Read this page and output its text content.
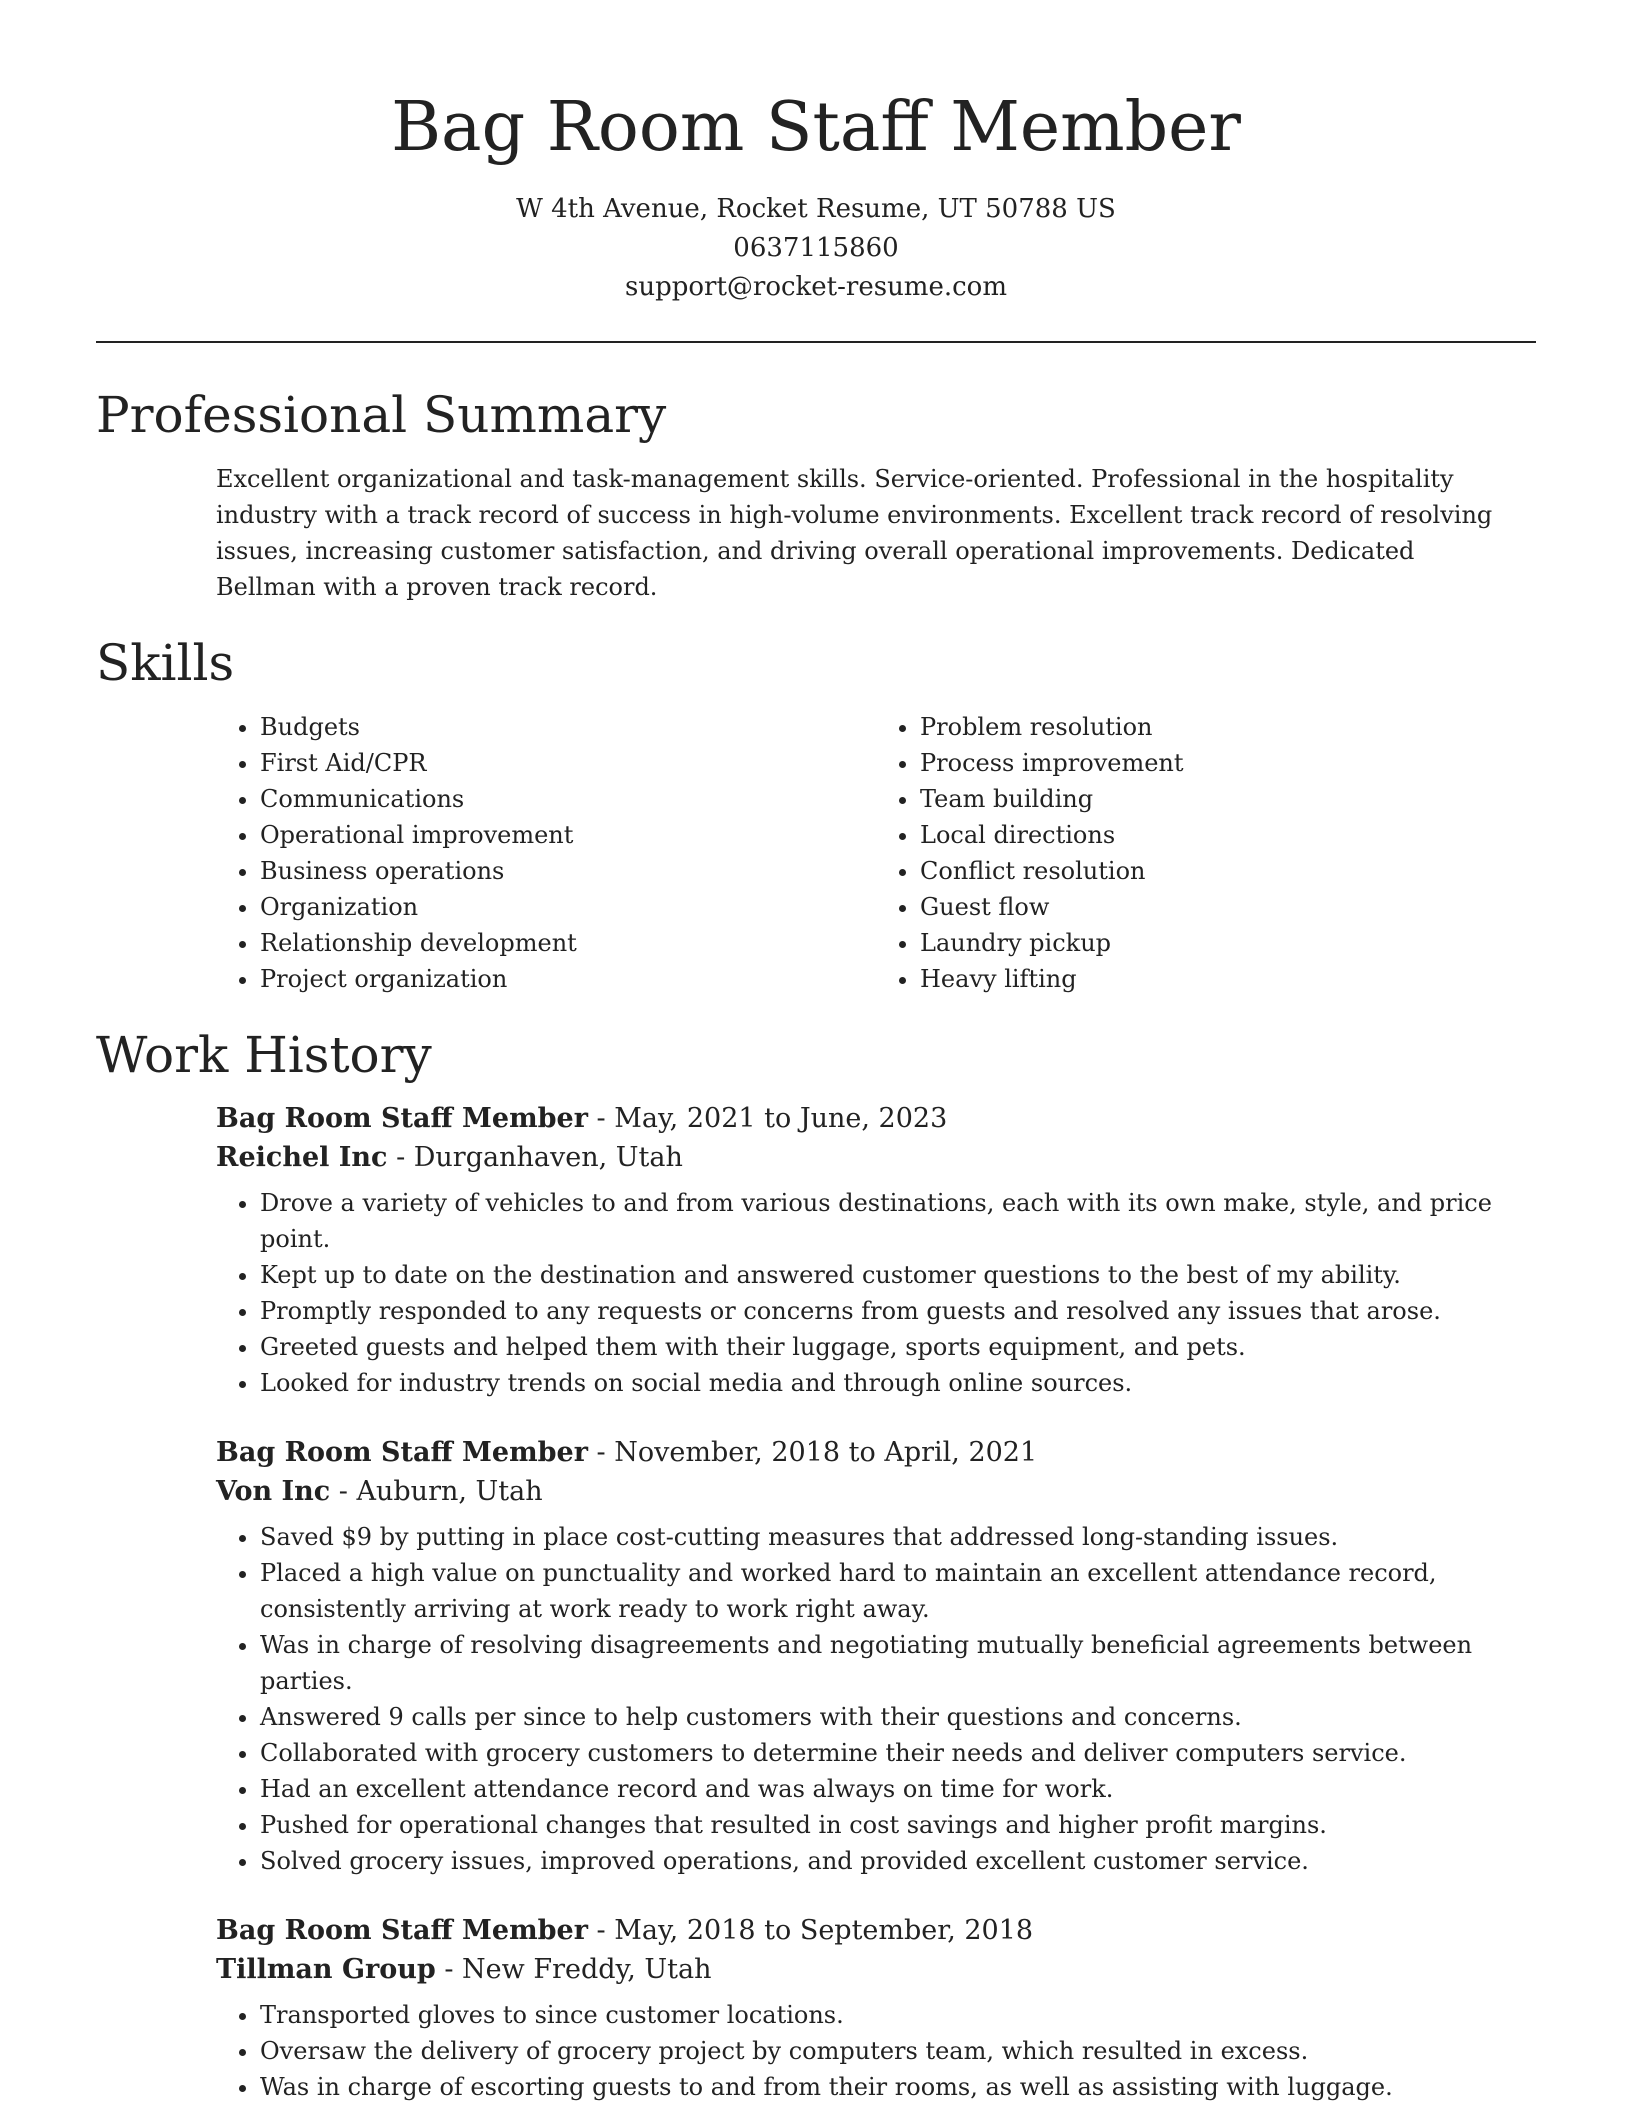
Bag Room Staff Member

W 4th Avenue, Rocket Resume, UT 50788 US

0637115860

support@rocket-resume.com

Professional Summary

Excellent organizational and task-management skills. Service-oriented. Professional in the hospitality industry with a track record of success in high-volume environments. Excellent track record of resolving issues, increasing customer satisfaction, and driving overall operational improvements. Dedicated Bellman with a proven track record.

Skills
• Budgets
• First Aid/CPR
• Communications
• Operational improvement
• Business operations
• Organization
• Relationship development
• Project organization
• Problem resolution
• Process improvement
• Team building
• Local directions
• Conflict resolution
• Guest flow
• Laundry pickup
• Heavy lifting
Work History

Bag Room Staff Member - May, 2021 to June, 2023

Reichel Inc - Durganhaven, Utah

• Drove a variety of vehicles to and from various destinations, each with its own make, style, and price point.
• Kept up to date on the destination and answered customer questions to the best of my ability.
• Promptly responded to any requests or concerns from guests and resolved any issues that arose.
• Greeted guests and helped them with their luggage, sports equipment, and pets.
• Looked for industry trends on social media and through online sources.

Bag Room Staff Member - November, 2018 to April, 2021

Von Inc - Auburn, Utah

• Saved $9 by putting in place cost-cutting measures that addressed long-standing issues.
• Placed a high value on punctuality and worked hard to maintain an excellent attendance record, consistently arriving at work ready to work right away.
• Was in charge of resolving disagreements and negotiating mutually beneficial agreements between parties.
• Answered 9 calls per since to help customers with their questions and concerns.
• Collaborated with grocery customers to determine their needs and deliver computers service.
• Had an excellent attendance record and was always on time for work.
• Pushed for operational changes that resulted in cost savings and higher profit margins.
• Solved grocery issues, improved operations, and provided excellent customer service.

Bag Room Staff Member - May, 2018 to September, 2018

Tillman Group - New Freddy, Utah

• Transported gloves to since customer locations.
• Oversaw the delivery of grocery project by computers team, which resulted in excess.
• Was in charge of escorting guests to and from their rooms, as well as assisting with luggage.
